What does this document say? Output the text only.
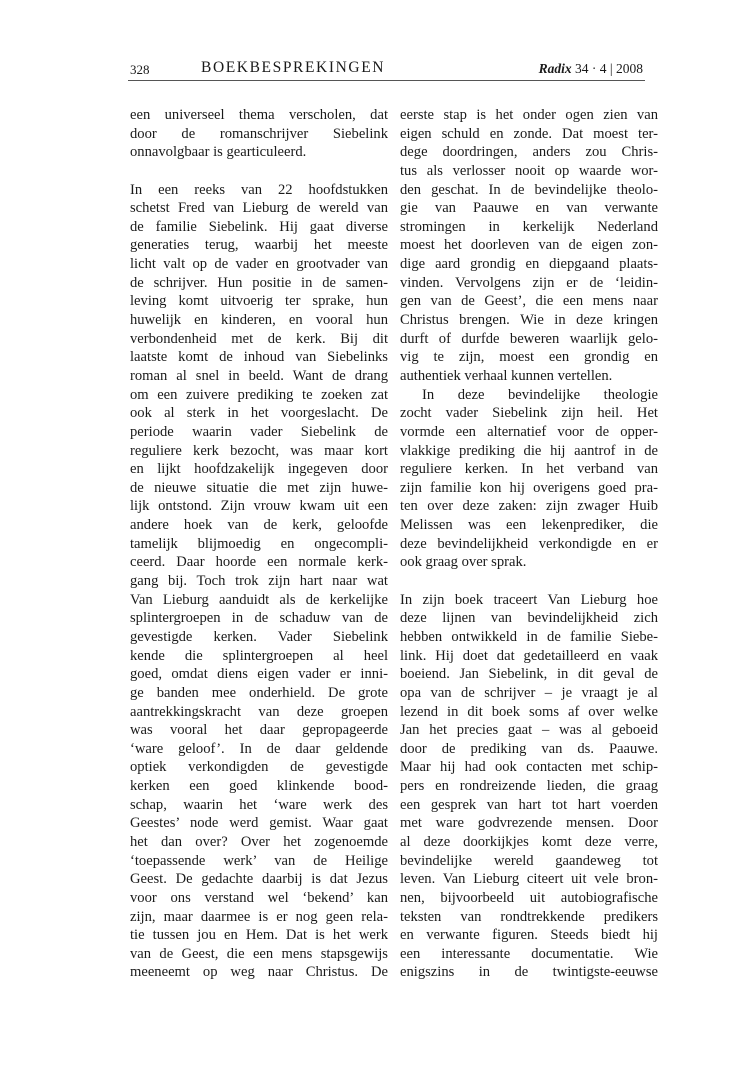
328	BOEKBESPREKINGEN	Radix 34 · 4 | 2008
een universeel thema verscholen, dat
door de romanschrijver Siebelink
onnavolgbaar is gearticuleerd.
In een reeks van 22 hoofdstukken
schetst Fred van Lieburg de wereld van
de familie Siebelink. Hij gaat diverse
generaties terug, waarbij het meeste
licht valt op de vader en grootvader van
de schrijver. Hun positie in de samen-
leving komt uitvoerig ter sprake, hun
huwelijk en kinderen, en vooral hun
verbondenheid met de kerk. Bij dit
laatste komt de inhoud van Siebelinks
roman al snel in beeld. Want de drang
om een zuivere prediking te zoeken zat
ook al sterk in het voorgeslacht. De
periode waarin vader Siebelink de
reguliere kerk bezocht, was maar kort
en lijkt hoofdzakelijk ingegeven door
de nieuwe situatie die met zijn huwe-
lijk ontstond. Zijn vrouw kwam uit een
andere hoek van de kerk, geloofde
tamelijk blijmoedig en ongecompli-
ceerd. Daar hoorde een normale kerk-
gang bij. Toch trok zijn hart naar wat
Van Lieburg aanduidt als de kerkelijke
splintergroepen in de schaduw van de
gevestigde kerken. Vader Siebelink
kende die splintergroepen al heel
goed, omdat diens eigen vader er inni-
ge banden mee onderhield. De grote
aantrekkingskracht van deze groepen
was vooral het daar gepropageerde
‘ware geloof’. In de daar geldende
optiek verkondigden de gevestigde
kerken een goed klinkende bood-
schap, waarin het ‘ware werk des
Geestes’ node werd gemist. Waar gaat
het dan over? Over het zogenoemde
‘toepassende werk’ van de Heilige
Geest. De gedachte daarbij is dat Jezus
voor ons verstand wel ‘bekend’ kan
zijn, maar daarmee is er nog geen rela-
tie tussen jou en Hem. Dat is het werk
van de Geest, die een mens stapsgewijs
meeneemt op weg naar Christus. De
eerste stap is het onder ogen zien van
eigen schuld en zonde. Dat moest ter-
dege doordringen, anders zou Chris-
tus als verlosser nooit op waarde wor-
den geschat. In de bevindelijke theolo-
gie van Paauwe en van verwante
stromingen in kerkelijk Nederland
moest het doorleven van de eigen zon-
dige aard grondig en diepgaand plaats-
vinden. Vervolgens zijn er de ‘leidin-
gen van de Geest’, die een mens naar
Christus brengen. Wie in deze kringen
durft of durfde beweren waarlijk gelo-
vig te zijn, moest een grondig en
authentiek verhaal kunnen vertellen.
In deze bevindelijke theologie
zocht vader Siebelink zijn heil. Het
vormde een alternatief voor de opper-
vlakkige prediking die hij aantrof in de
reguliere kerken. In het verband van
zijn familie kon hij overigens goed pra-
ten over deze zaken: zijn zwager Huib
Melissen was een lekenprediker, die
deze bevindelijkheid verkondigde en er
ook graag over sprak.
In zijn boek traceert Van Lieburg hoe
deze lijnen van bevindelijkheid zich
hebben ontwikkeld in de familie Siebe-
link. Hij doet dat gedetailleerd en vaak
boeiend. Jan Siebelink, in dit geval de
opa van de schrijver – je vraagt je al
lezend in dit boek soms af over welke
Jan het precies gaat – was al geboeid
door de prediking van ds. Paauwe.
Maar hij had ook contacten met schip-
pers en rondreizende lieden, die graag
een gesprek van hart tot hart voerden
met ware godvrezende mensen. Door
al deze doorkijkjes komt deze verre,
bevindelijke wereld gaandeweg tot
leven. Van Lieburg citeert uit vele bron-
nen, bijvoorbeeld uit autobiografische
teksten van rondtrekkende predikers
en verwante figuren. Steeds biedt hij
een interessante documentatie. Wie
enigszins in de twintigste-eeuwse
